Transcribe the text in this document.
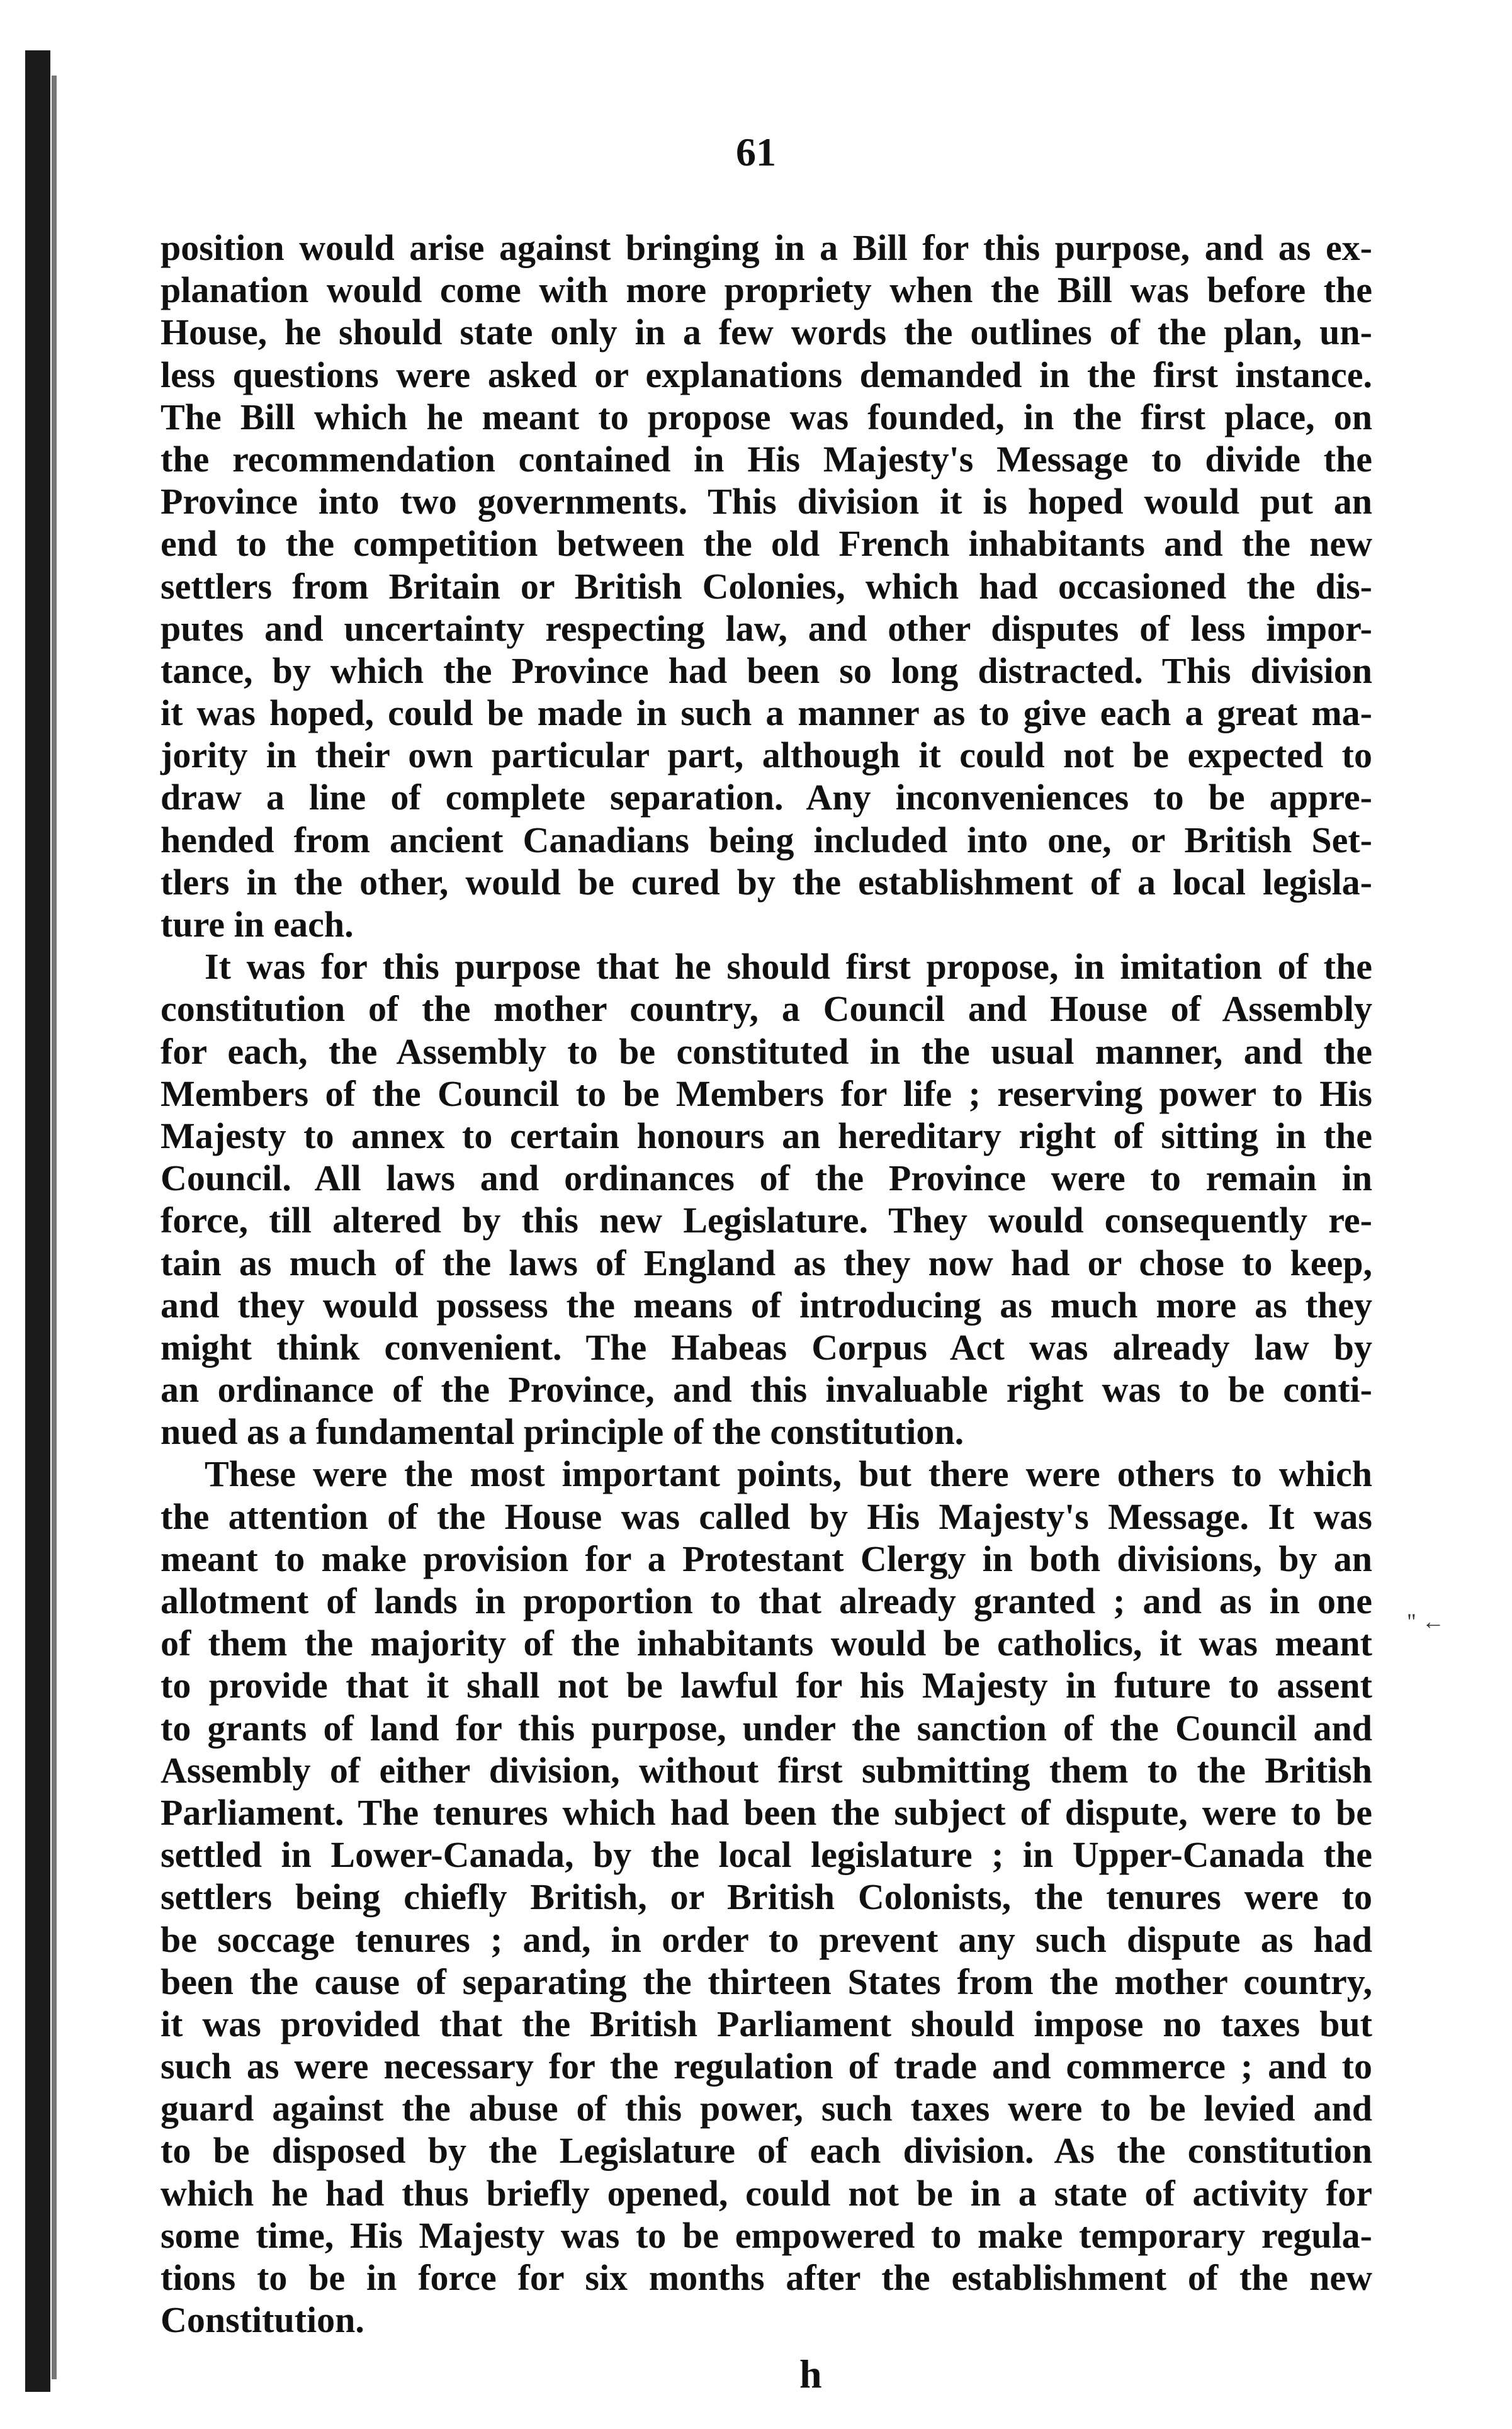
61
position would arise against bringing in a Bill for this purpose, and as ex-
planation would come with more propriety when the Bill was before the
House, he should state only in a few words the outlines of the plan, un-
less questions were asked or explanations demanded in the first instance.
The Bill which he meant to propose was founded, in the first place, on
the recommendation contained in His Majesty's Message to divide the
Province into two governments. This division it is hoped would put an
end to the competition between the old French inhabitants and the new
settlers from Britain or British Colonies, which had occasioned the dis-
putes and uncertainty respecting law, and other disputes of less impor-
tance, by which the Province had been so long distracted. This division
it was hoped, could be made in such a manner as to give each a great ma-
jority in their own particular part, although it could not be expected to
draw a line of complete separation. Any inconveniences to be appre-
hended from ancient Canadians being included into one, or British Set-
tlers in the other, would be cured by the establishment of a local legisla-
ture in each.
It was for this purpose that he should first propose, in imitation of the
constitution of the mother country, a Council and House of Assembly
for each, the Assembly to be constituted in the usual manner, and the
Members of the Council to be Members for life ; reserving power to His
Majesty to annex to certain honours an hereditary right of sitting in the
Council. All laws and ordinances of the Province were to remain in
force, till altered by this new Legislature. They would consequently re-
tain as much of the laws of England as they now had or chose to keep,
and they would possess the means of introducing as much more as they
might think convenient. The Habeas Corpus Act was already law by
an ordinance of the Province, and this invaluable right was to be conti-
nued as a fundamental principle of the constitution.
These were the most important points, but there were others to which
the attention of the House was called by His Majesty's Message. It was
meant to make provision for a Protestant Clergy in both divisions, by an
allotment of lands in proportion to that already granted ; and as in one
of them the majority of the inhabitants would be catholics, it was meant
to provide that it shall not be lawful for his Majesty in future to assent
to grants of land for this purpose, under the sanction of the Council and
Assembly of either division, without first submitting them to the British
Parliament. The tenures which had been the subject of dispute, were to be
settled in Lower-Canada, by the local legislature ; in Upper-Canada the
settlers being chiefly British, or British Colonists, the tenures were to
be soccage tenures ; and, in order to prevent any such dispute as had
been the cause of separating the thirteen States from the mother country,
it was provided that the British Parliament should impose no taxes but
such as were necessary for the regulation of trade and commerce ; and to
guard against the abuse of this power, such taxes were to be levied and
to be disposed by the Legislature of each division. As the constitution
which he had thus briefly opened, could not be in a state of activity for
some time, His Majesty was to be empowered to make temporary regula-
tions to be in force for six months after the establishment of the new
Constitution.
h
" ←
